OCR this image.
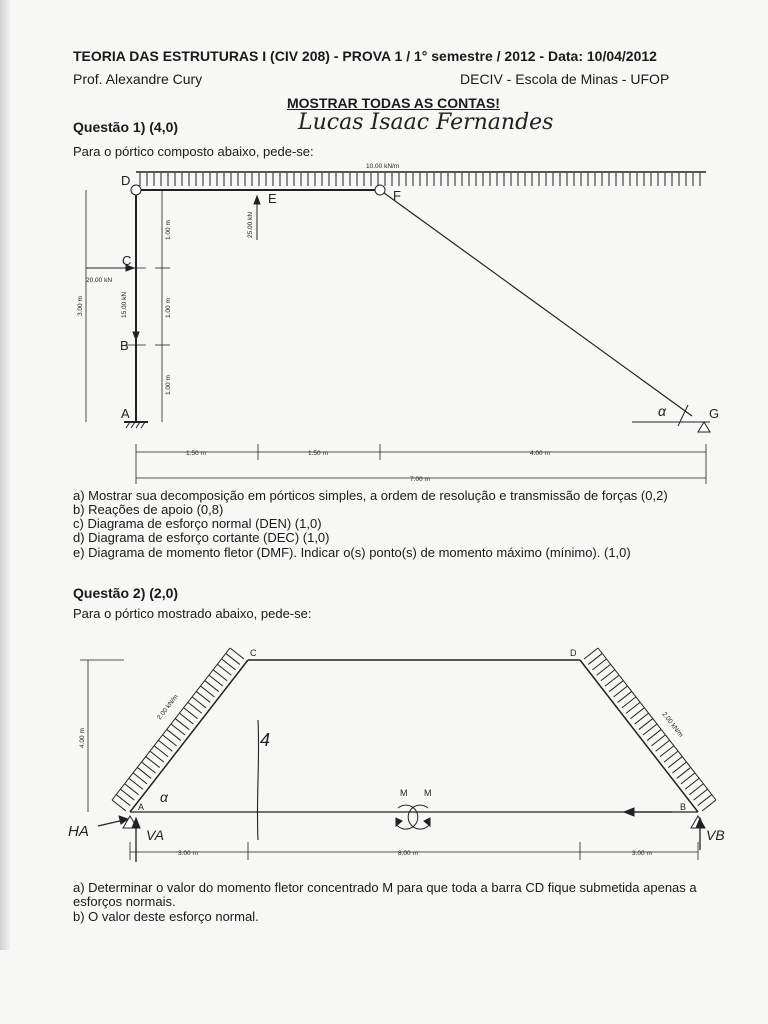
TEORIA DAS ESTRUTURAS I (CIV 208) - PROVA 1 / 1° semestre / 2012 - Data: 10/04/2012
Prof. Alexandre Cury	DECIV - Escola de Minas - UFOP
MOSTRAR TODAS AS CONTAS!
Questão 1) (4,0)	Lucas Isaac Fernandes
Para o pórtico composto abaixo, pede-se:
D
E	F
C
B
A	G
α
10.00 kN/m
20.00 kN
25.00 kN
15.00 kN
3.00 m
1.00 m
1.00 m
1.00 m
1.50 m	1.50 m	4.00 m
7.00 m
a) Mostrar sua decomposição em pórticos simples, a ordem de resolução e transmissão de forças (0,2)
b) Reações de apoio (0,8)
c) Diagrama de esforço normal (DEN) (1,0)
d) Diagrama de esforço cortante (DEC) (1,0)
e) Diagrama de momento fletor (DMF). Indicar o(s) ponto(s) de momento máximo (mínimo). (1,0)
Questão 2) (2,0)
Para o pórtico mostrado abaixo, pede-se:
C	D
A	B
M M
2.00 kN/m
2.00 kN/m
4.00 m
3.00 m	8.00 m	3.00 m
HA	VA	VB
4
α
a) Determinar o valor do momento fletor concentrado M para que toda a barra CD fique submetida apenas a
esforços normais.
b) O valor deste esforço normal.
